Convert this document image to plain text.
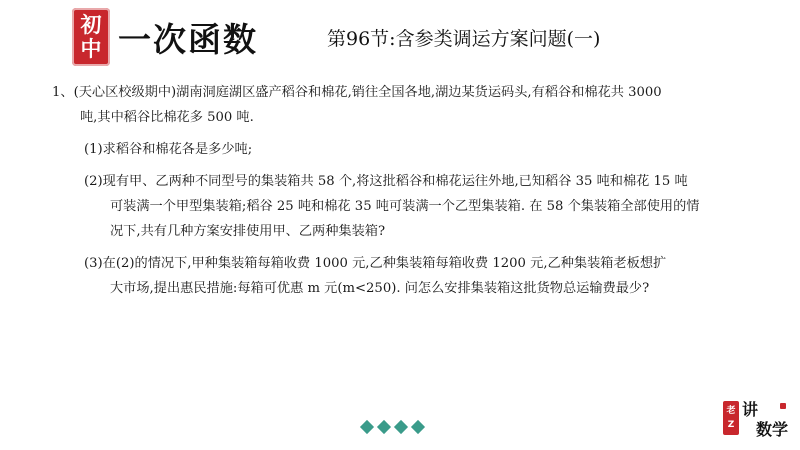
初
中 一次函数	第96节:含参类调运方案问题(一)

1、(天心区校级期中)湖南洞庭湖区盛产稻谷和棉花,销往全国各地,湖边某货运码头,有稻谷和棉花共 3000

吨,其中稻谷比棉花多 500 吨.

(1)求稻谷和棉花各是多少吨;
(2)现有甲、乙两种不同型号的集装箱共 58 个,将这批稻谷和棉花运往外地,已知稻谷 35 吨和棉花 15 吨
可装满一个甲型集装箱;稻谷 25 吨和棉花 35 吨可装满一个乙型集装箱. 在 58 个集装箱全部使用的情
况下,共有几种方案安排使用甲、乙两种集装箱?
(3)在(2)的情况下,甲种集装箱每箱收费 1000 元,乙种集装箱每箱收费 1200 元,乙种集装箱老板想扩
大市场,提出惠民措施:每箱可优惠 m 元(m<250). 问怎么安排集装箱这批货物总运输费最少?
老
Z
讲
数学
